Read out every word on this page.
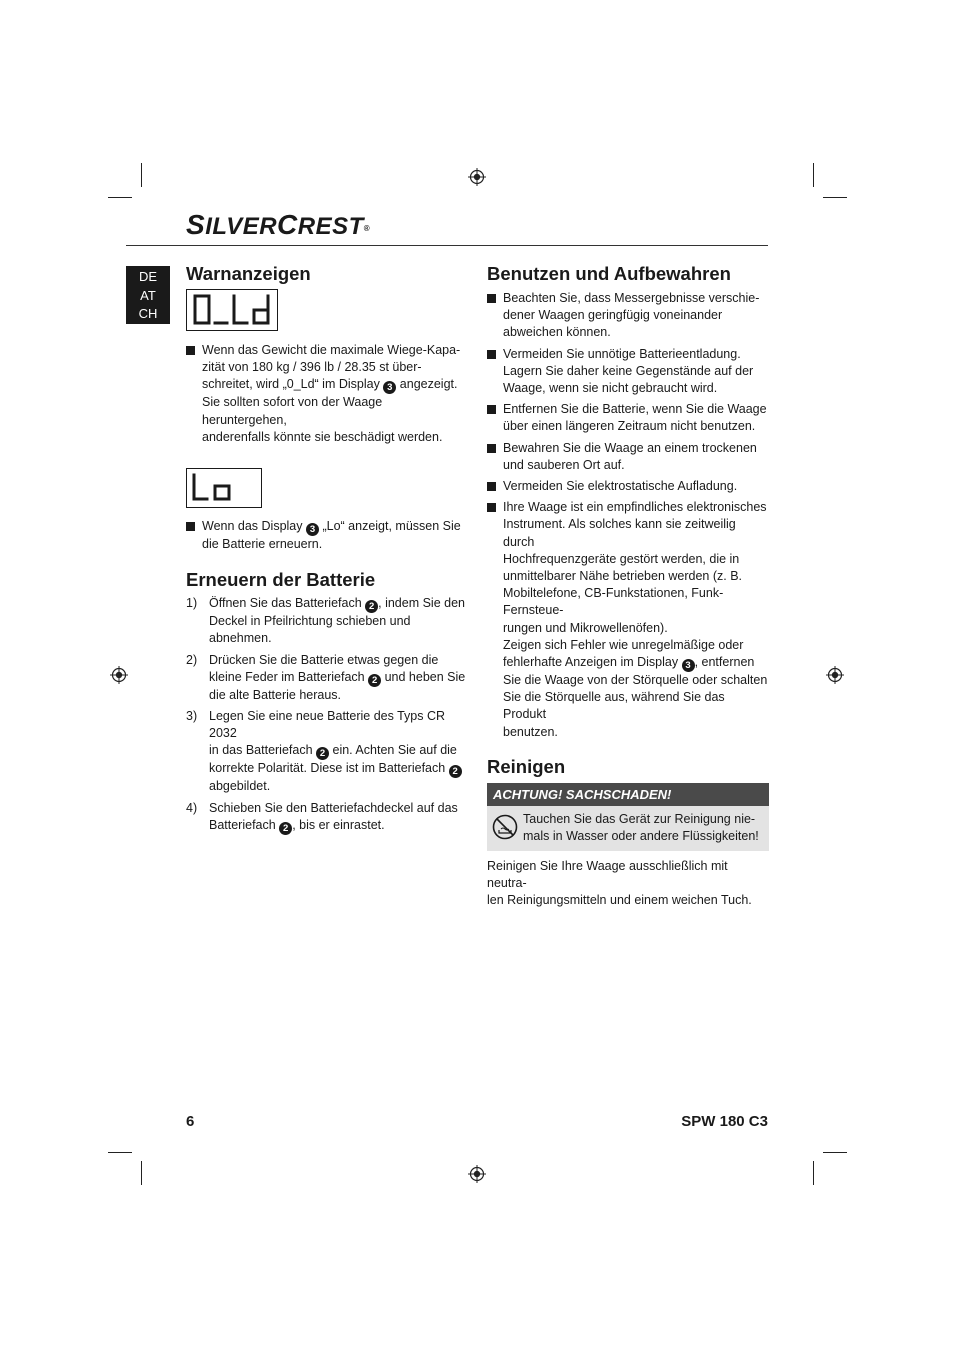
SILVERCREST®
DE
AT
CH
Warnanzeigen
Wenn das Gewicht die maximale Wiege-Kapa-
zität von 180 kg / 396 lb / 28.35 st über-
schreitet, wird „0_Ld“ im Display 3 angezeigt.
Sie sollten sofort von der Waage heruntergehen,
anderenfalls könnte sie beschädigt werden.
Wenn das Display 3 „Lo“ anzeigt, müssen Sie
die Batterie erneuern.
Erneuern der Batterie
1) Öffnen Sie das Batteriefach 2 , indem Sie den
Deckel in Pfeilrichtung schieben und abnehmen.
2) Drücken Sie die Batterie etwas gegen die
kleine Feder im Batteriefach 2 und heben Sie
die alte Batterie heraus.
3) Legen Sie eine neue Batterie des Typs CR 2032
in das Batteriefach 2 ein. Achten Sie auf die
korrekte Polarität. Diese ist im Batteriefach 2
abgebildet.
4) Schieben Sie den Batteriefachdeckel auf das
Batteriefach 2 , bis er einrastet.
Benutzen und Aufbewahren
Beachten Sie, dass Messergebnisse verschie-
dener Waagen geringfügig voneinander
abweichen können.
Vermeiden Sie unnötige Batterieentladung.
Lagern Sie daher keine Gegenstände auf der
Waage, wenn sie nicht gebraucht wird.
Entfernen Sie die Batterie, wenn Sie die Waage
über einen längeren Zeitraum nicht benutzen.
Bewahren Sie die Waage an einem trockenen
und sauberen Ort auf.
Vermeiden Sie elektrostatische Aufladung.
Ihre Waage ist ein empfindliches elektronisches
Instrument. Als solches kann sie zeitweilig durch
Hochfrequenzgeräte gestört werden, die in
unmittelbarer Nähe betrieben werden (z. B.
Mobiltelefone, CB-Funkstationen, Funk-Fernsteue-
rungen und Mikrowellenöfen).
Zeigen sich Fehler wie unregelmäßige oder
fehlerhafte Anzeigen im Display 3 , entfernen
Sie die Waage von der Störquelle oder schalten
Sie die Störquelle aus, während Sie das Produkt
benutzen.
Reinigen
ACHTUNG! SACHSCHADEN!
Tauchen Sie das Gerät zur Reinigung nie-
mals in Wasser oder andere Flüssigkeiten!
Reinigen Sie Ihre Waage ausschließlich mit neutra-
len Reinigungsmitteln und einem weichen Tuch.
6	SPW 180 C3
